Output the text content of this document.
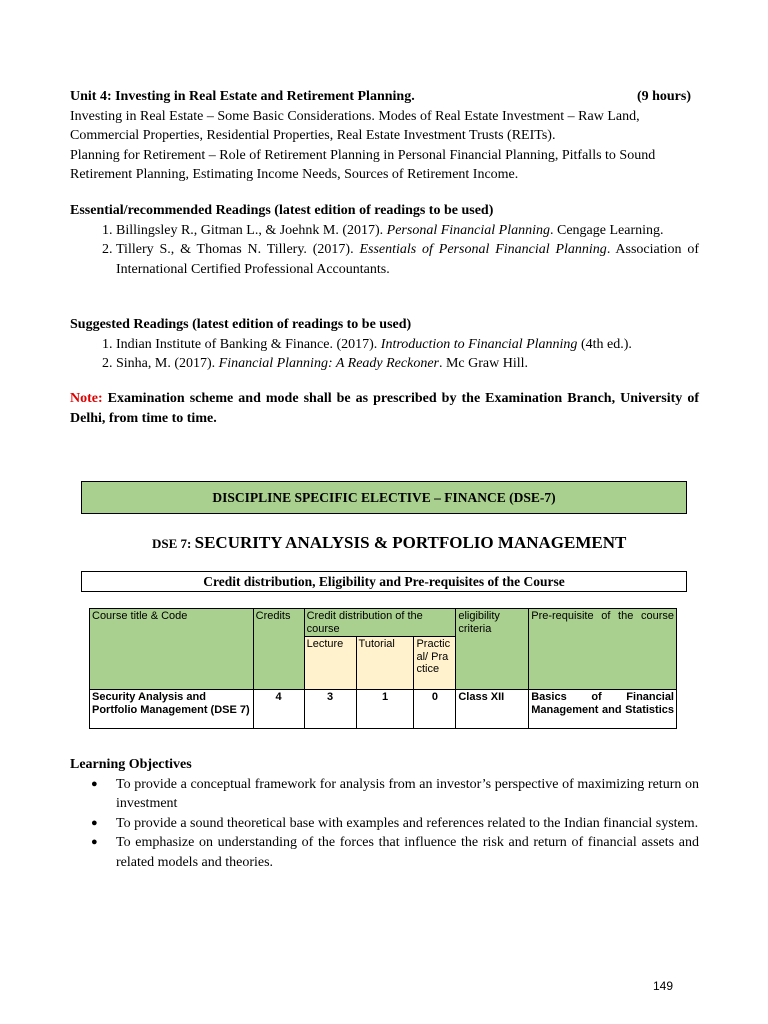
Unit 4: Investing in Real Estate and Retirement Planning.	(9 hours)
Investing in Real Estate – Some Basic Considerations. Modes of Real Estate Investment – Raw Land, Commercial Properties, Residential Properties, Real Estate Investment Trusts (REITs).
Planning for Retirement – Role of Retirement Planning in Personal Financial Planning, Pitfalls to Sound Retirement Planning, Estimating Income Needs, Sources of Retirement Income.
Essential/recommended Readings (latest edition of readings to be used)
1. Billingsley R., Gitman L., & Joehnk M. (2017). Personal Financial Planning. Cengage Learning.
2. Tillery S., & Thomas N. Tillery. (2017). Essentials of Personal Financial Planning. Association of International Certified Professional Accountants.
Suggested Readings (latest edition of readings to be used)
1. Indian Institute of Banking & Finance. (2017). Introduction to Financial Planning (4th ed.).
2. Sinha, M. (2017). Financial Planning: A Ready Reckoner. Mc Graw Hill.
Note: Examination scheme and mode shall be as prescribed by the Examination Branch, University of Delhi, from time to time.
DISCIPLINE SPECIFIC ELECTIVE – FINANCE (DSE-7)
DSE 7: SECURITY ANALYSIS & PORTFOLIO MANAGEMENT
Credit distribution, Eligibility and Pre-requisites of the Course
Course title & Code	Credits	Credit distribution of the course			eligibility criteria	Pre-requisite of the course
		Lecture	Tutorial	Practical/ Practice		
Security Analysis and Portfolio Management (DSE 7)	4	3	1	0	Class XII	Basics of Financial Management and Statistics
Learning Objectives
● To provide a conceptual framework for analysis from an investor’s perspective of maximizing return on investment
● To provide a sound theoretical base with examples and references related to the Indian financial system.
● To emphasize on understanding of the forces that influence the risk and return of financial assets and related models and theories.
149
